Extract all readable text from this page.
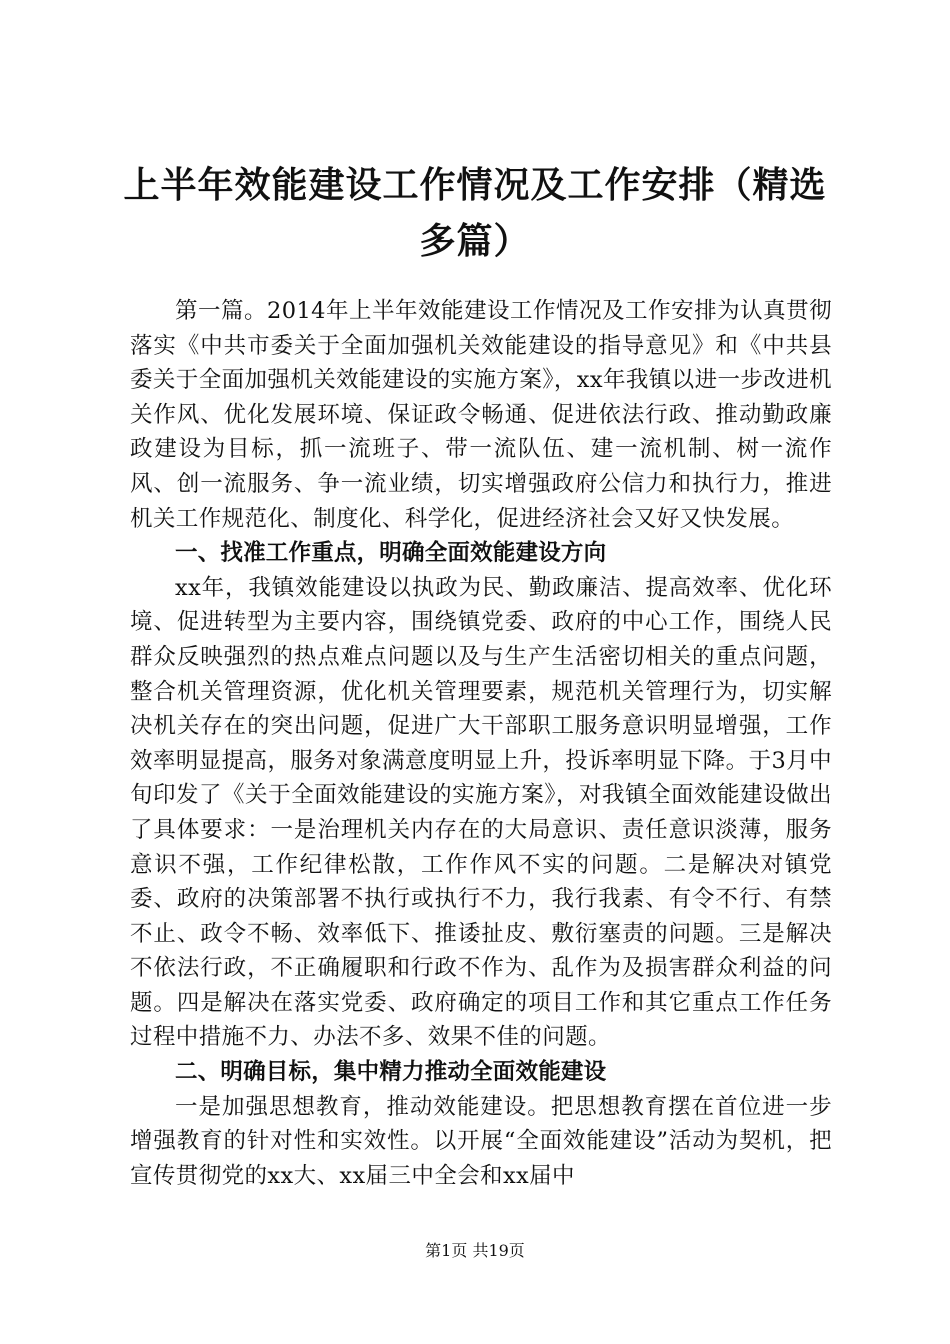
上半年效能建设工作情况及工作安排（精选多篇）

第一篇。2014年上半年效能建设工作情况及工作安排为认真贯彻落实《中共市委关于全面加强机关效能建设的指导意见》和《中共县委关于全面加强机关效能建设的实施方案》，xx年我镇以进一步改进机关作风、优化发展环境、保证政令畅通、促进依法行政、推动勤政廉政建设为目标，抓一流班子、带一流队伍、建一流机制、树一流作风、创一流服务、争一流业绩，切实增强政府公信力和执行力，推进机关工作规范化、制度化、科学化，促进经济社会又好又快发展。

一、找准工作重点，明确全面效能建设方向

xx年，我镇效能建设以执政为民、勤政廉洁、提高效率、优化环境、促进转型为主要内容，围绕镇党委、政府的中心工作，围绕人民群众反映强烈的热点难点问题以及与生产生活密切相关的重点问题，整合机关管理资源，优化机关管理要素，规范机关管理行为，切实解决机关存在的突出问题，促进广大干部职工服务意识明显增强，工作效率明显提高，服务对象满意度明显上升，投诉率明显下降。于3月中旬印发了《关于全面效能建设的实施方案》，对我镇全面效能建设做出了具体要求：一是治理机关内存在的大局意识、责任意识淡薄，服务意识不强，工作纪律松散，工作作风不实的问题。二是解决对镇党委、政府的决策部署不执行或执行不力，我行我素、有令不行、有禁不止、政令不畅、效率低下、推诿扯皮、敷衍塞责的问题。三是解决不依法行政，不正确履职和行政不作为、乱作为及损害群众利益的问题。四是解决在落实党委、政府确定的项目工作和其它重点工作任务过程中措施不力、办法不多、效果不佳的问题。

二、明确目标，集中精力推动全面效能建设

一是加强思想教育，推动效能建设。把思想教育摆在首位进一步增强教育的针对性和实效性。以开展“全面效能建设”活动为契机，把宣传贯彻党的xx大、xx届三中全会和xx届中

第1页 共19页
